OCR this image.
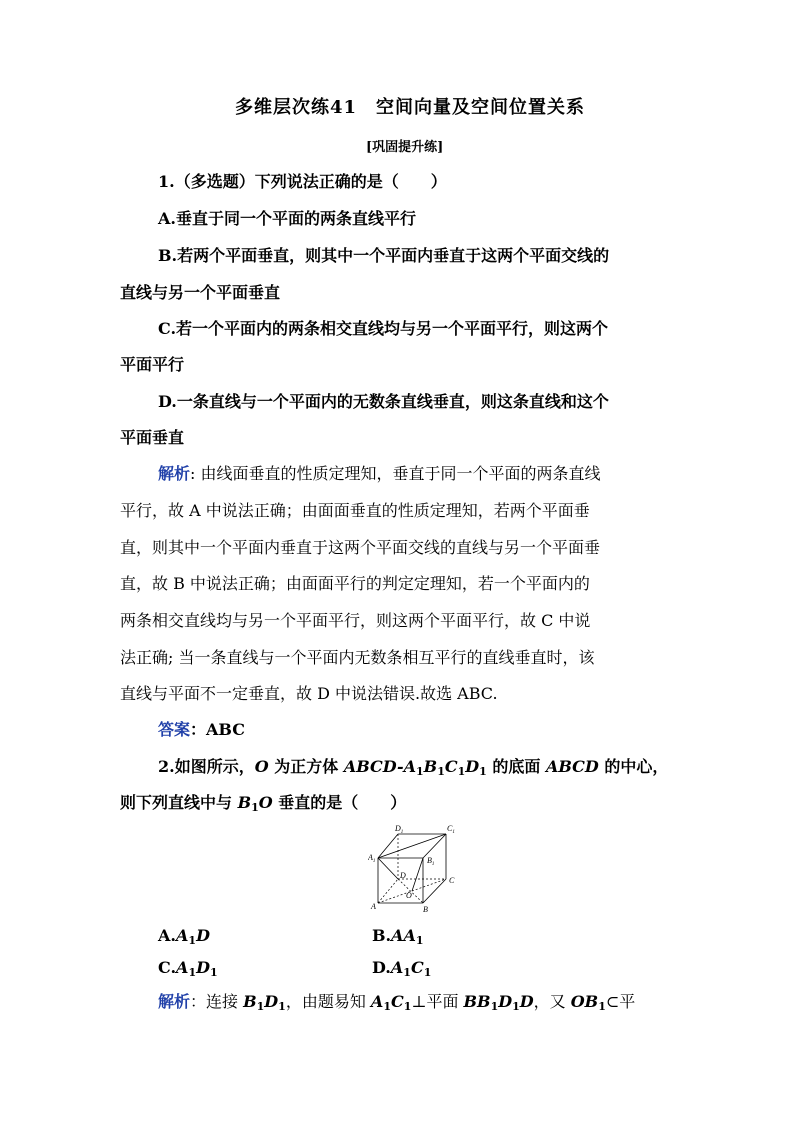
多维层次练41　空间向量及空间位置关系
[巩固提升练]
1.（多选题）下列说法正确的是（　　）
A.垂直于同一个平面的两条直线平行
B.若两个平面垂直，则其中一个平面内垂直于这两个平面交线的
直线与另一个平面垂直
C.若一个平面内的两条相交直线均与另一个平面平行，则这两个
平面平行
D.一条直线与一个平面内的无数条直线垂直，则这条直线和这个
平面垂直
解析: 由线面垂直的性质定理知，垂直于同一个平面的两条直线
平行，故 A 中说法正确；由面面垂直的性质定理知，若两个平面垂
直，则其中一个平面内垂直于这两个平面交线的直线与另一个平面垂
直，故 B 中说法正确；由面面平行的判定定理知，若一个平面内的
两条相交直线均与另一个平面平行，则这两个平面平行，故 C 中说
法正确; 当一条直线与一个平面内无数条相互平行的直线垂直时，该
直线与平面不一定垂直，故 D 中说法错误.故选 ABC.
答案：ABC
2.如图所示，O 为正方体 ABCD-$A_1B_1C_1D_1$ 的底面 ABCD 的中心，
则下列直线中与 $B_1O$ 垂直的是（　　）
$D_1$	$C_1$
$A_1$	$B_1$
C
D
O
A	B
$A.A_1D$	$B.AA_1$
$C.A_1D_1$	$D.A_1C_1$
解析：连接 $B_1D_1$，由题易知 $A_1C_1\perp$平面 $BB_1D_1D$，又 $OB_1\subset$平
